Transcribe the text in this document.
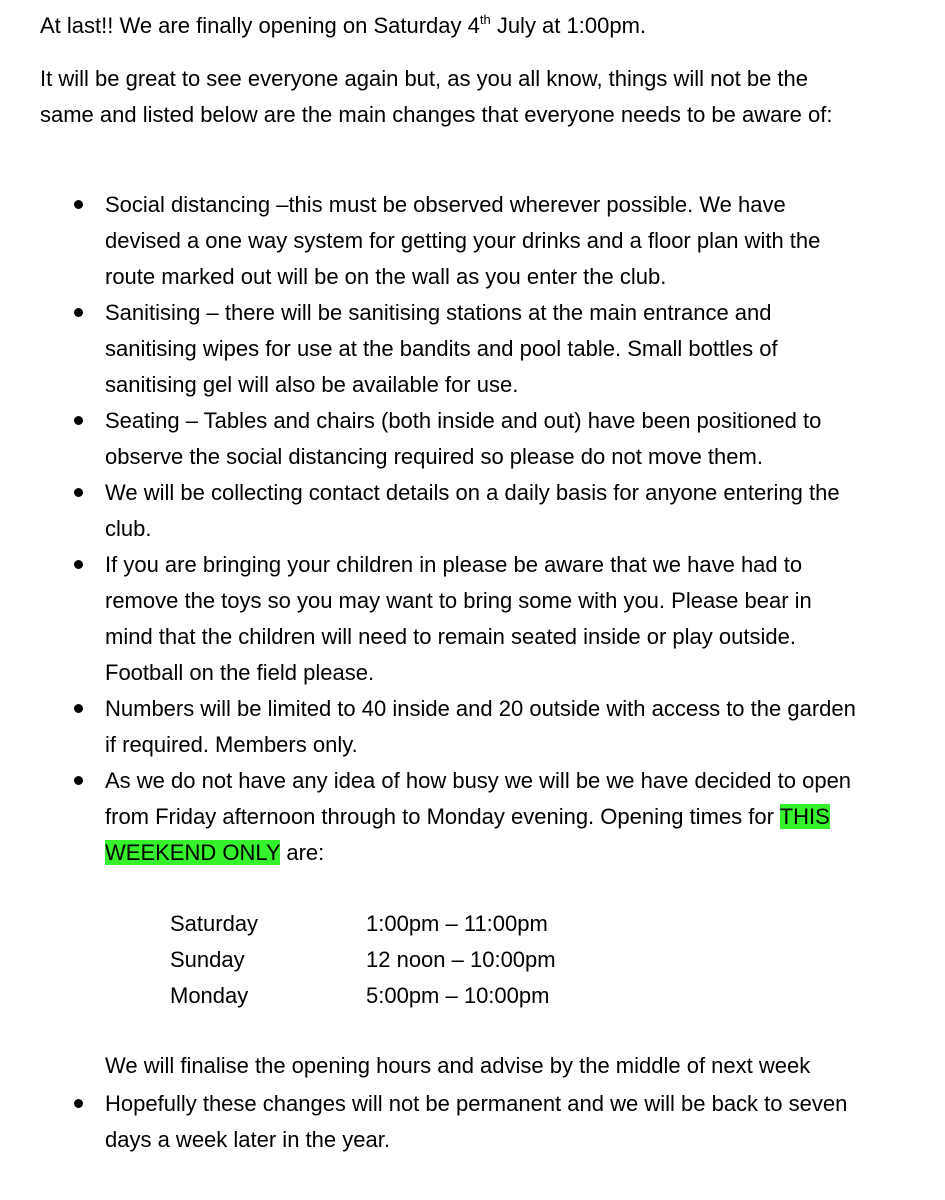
At last!! We are finally opening on Saturday 4th July at 1:00pm.

It will be great to see everyone again but, as you all know, things will not be the same and listed below are the main changes that everyone needs to be aware of:

Social distancing –this must be observed wherever possible. We have devised a one way system for getting your drinks and a floor plan with the route marked out will be on the wall as you enter the club.
Sanitising – there will be sanitising stations at the main entrance and sanitising wipes for use at the bandits and pool table. Small bottles of sanitising gel will also be available for use.
Seating – Tables and chairs (both inside and out) have been positioned to observe the social distancing required so please do not move them.
We will be collecting contact details on a daily basis for anyone entering the club.
If you are bringing your children in please be aware that we have had to remove the toys so you may want to bring some with you. Please bear in mind that the children will need to remain seated inside or play outside. Football on the field please.
Numbers will be limited to 40 inside and 20 outside with access to the garden if required. Members only.
As we do not have any idea of how busy we will be we have decided to open from Friday afternoon through to Monday evening. Opening times for THIS WEEKEND ONLY are:
Saturday	1:00pm – 11:00pm
Sunday	12 noon – 10:00pm
Monday	5:00pm – 10:00pm

We will finalise the opening hours and advise by the middle of next week

Hopefully these changes will not be permanent and we will be back to seven days a week later in the year.
